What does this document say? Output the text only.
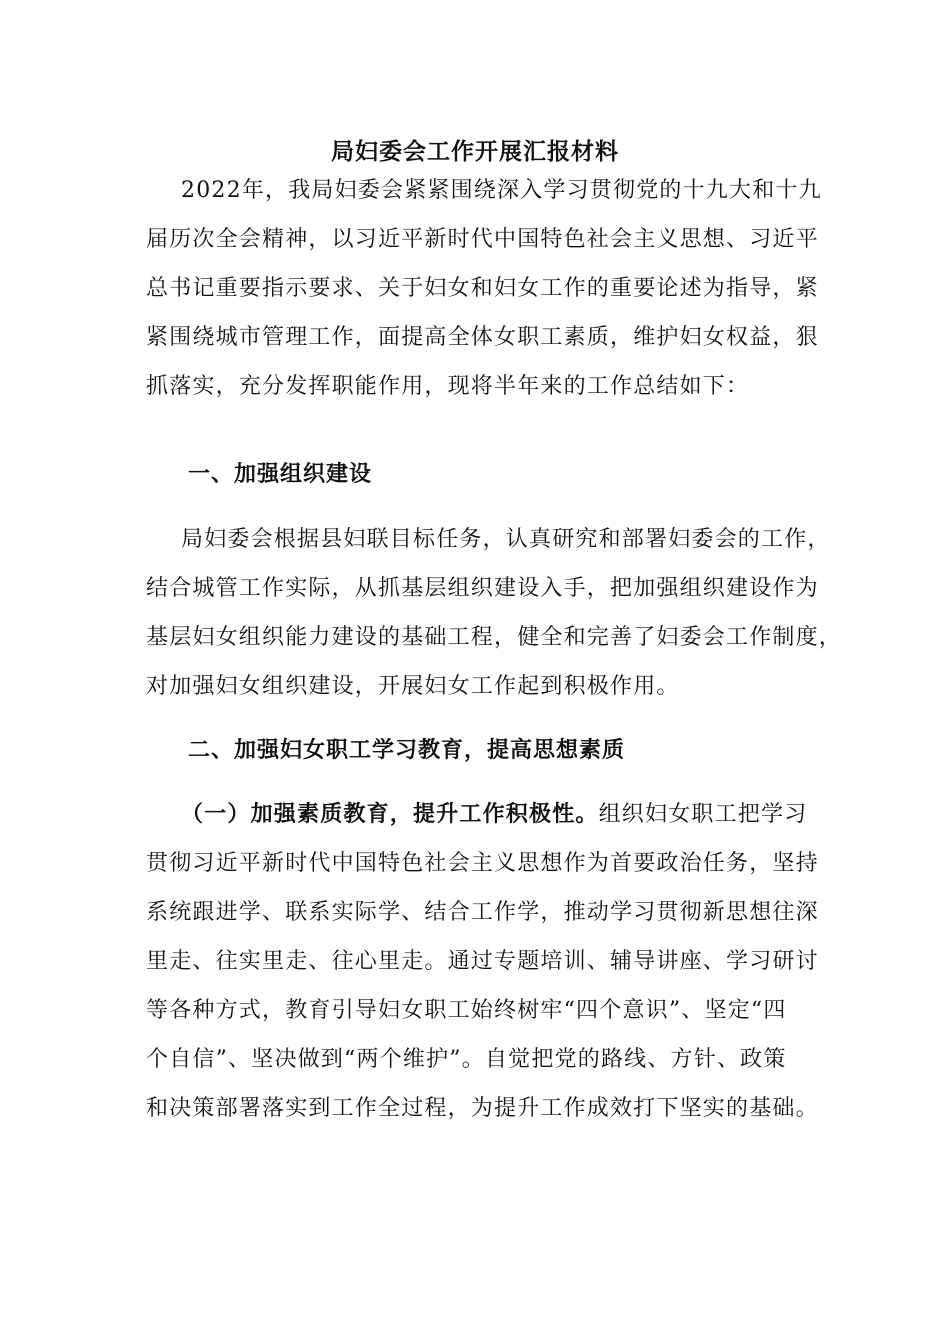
局妇委会工作开展汇报材料
2022年，我局妇委会紧紧围绕深入学习贯彻党的十九大和十九
届历次全会精神，以习近平新时代中国特色社会主义思想、习近平
总书记重要指示要求、关于妇女和妇女工作的重要论述为指导，紧
紧围绕城市管理工作，面提高全体女职工素质，维护妇女权益，狠
抓落实，充分发挥职能作用，现将半年来的工作总结如下：
一、加强组织建设
局妇委会根据县妇联目标任务，认真研究和部署妇委会的工作，
结合城管工作实际，从抓基层组织建设入手，把加强组织建设作为
基层妇女组织能力建设的基础工程，健全和完善了妇委会工作制度，
对加强妇女组织建设，开展妇女工作起到积极作用。
二、加强妇女职工学习教育，提高思想素质
（一）加强素质教育，提升工作积极性。组织妇女职工把学习
贯彻习近平新时代中国特色社会主义思想作为首要政治任务，坚持
系统跟进学、联系实际学、结合工作学，推动学习贯彻新思想往深
里走、往实里走、往心里走。通过专题培训、辅导讲座、学习研讨
等各种方式，教育引导妇女职工始终树牢“四个意识”、坚定“四
个自信”、坚决做到“两个维护”。自觉把党的路线、方针、政策
和决策部署落实到工作全过程，为提升工作成效打下坚实的基础。
